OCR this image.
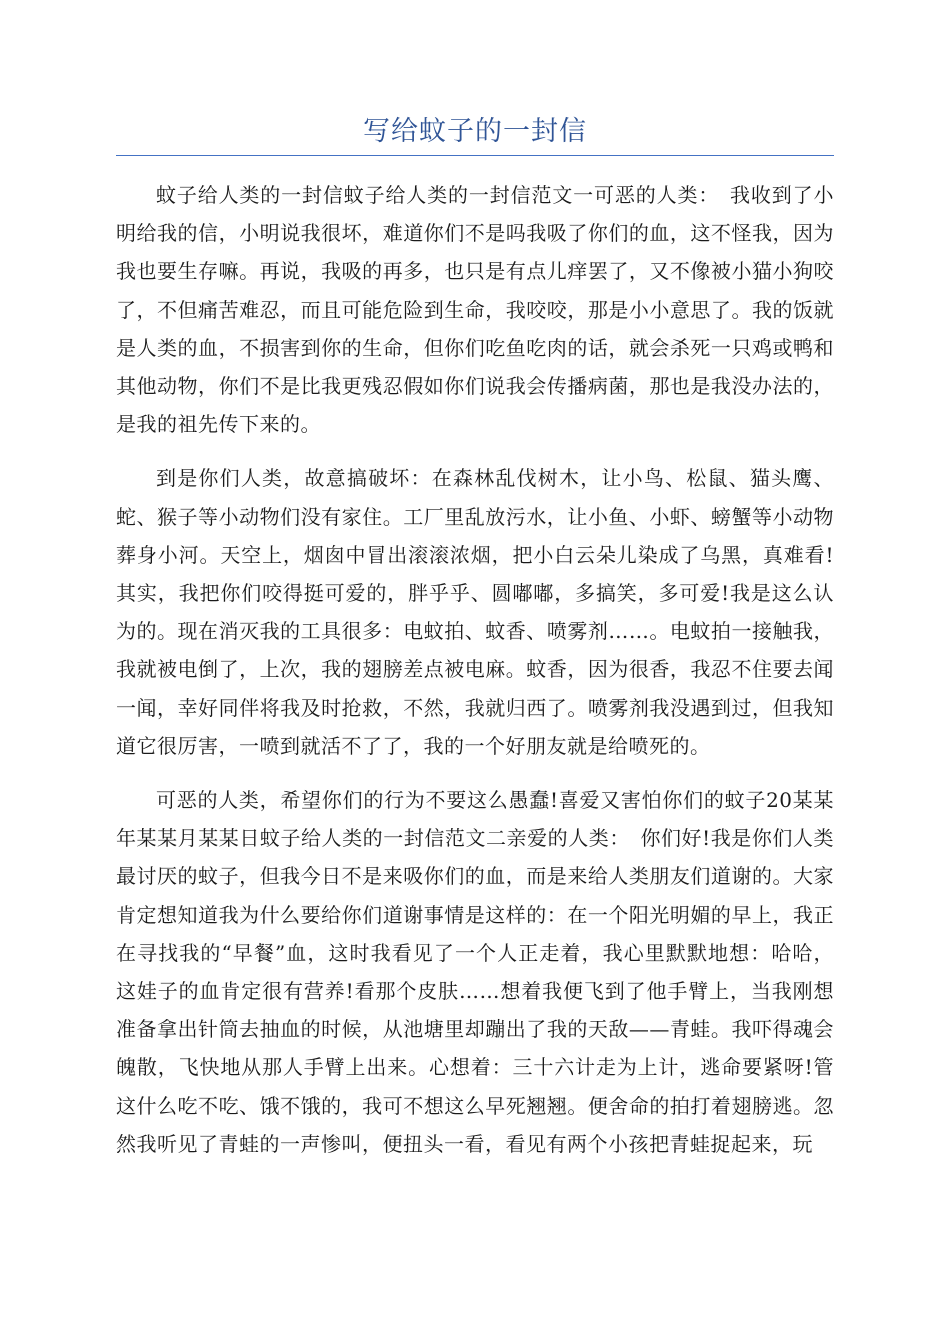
写给蚊子的一封信

蚊子给人类的一封信蚊子给人类的一封信范文一可恶的人类：　我收到了小明给我的信，小明说我很坏，难道你们不是吗我吸了你们的血，这不怪我，因为我也要生存嘛。再说，我吸的再多，也只是有点儿痒罢了，又不像被小猫小狗咬了，不但痛苦难忍，而且可能危险到生命，我咬咬，那是小小意思了。我的饭就是人类的血，不损害到你的生命，但你们吃鱼吃肉的话，就会杀死一只鸡或鸭和其他动物，你们不是比我更残忍假如你们说我会传播病菌，那也是我没办法的，是我的祖先传下来的。

到是你们人类，故意搞破坏：在森林乱伐树木，让小鸟、松鼠、猫头鹰、蛇、猴子等小动物们没有家住。工厂里乱放污水，让小鱼、小虾、螃蟹等小动物葬身小河。天空上，烟囱中冒出滚滚浓烟，把小白云朵儿染成了乌黑，真难看!其实，我把你们咬得挺可爱的，胖乎乎、圆嘟嘟，多搞笑，多可爱!我是这么认为的。现在消灭我的工具很多：电蚊拍、蚊香、喷雾剂……。电蚊拍一接触我，我就被电倒了，上次，我的翅膀差点被电麻。蚊香，因为很香，我忍不住要去闻一闻，幸好同伴将我及时抢救，不然，我就归西了。喷雾剂我没遇到过，但我知道它很厉害，一喷到就活不了了，我的一个好朋友就是给喷死的。

可恶的人类，希望你们的行为不要这么愚蠢!喜爱又害怕你们的蚊子20某某年某某月某某日蚊子给人类的一封信范文二亲爱的人类：　你们好!我是你们人类最讨厌的蚊子，但我今日不是来吸你们的血，而是来给人类朋友们道谢的。大家肯定想知道我为什么要给你们道谢事情是这样的：在一个阳光明媚的早上，我正在寻找我的“早餐”血，这时我看见了一个人正走着，我心里默默地想：哈哈，这娃子的血肯定很有营养!看那个皮肤……想着我便飞到了他手臂上，当我刚想准备拿出针筒去抽血的时候，从池塘里却蹦出了我的天敌——青蛙。我吓得魂会魄散，飞快地从那人手臂上出来。心想着：三十六计走为上计，逃命要紧呀!管这什么吃不吃、饿不饿的，我可不想这么早死翘翘。便舍命的拍打着翅膀逃。忽然我听见了青蛙的一声惨叫，便扭头一看，看见有两个小孩把青蛙捉起来，玩
